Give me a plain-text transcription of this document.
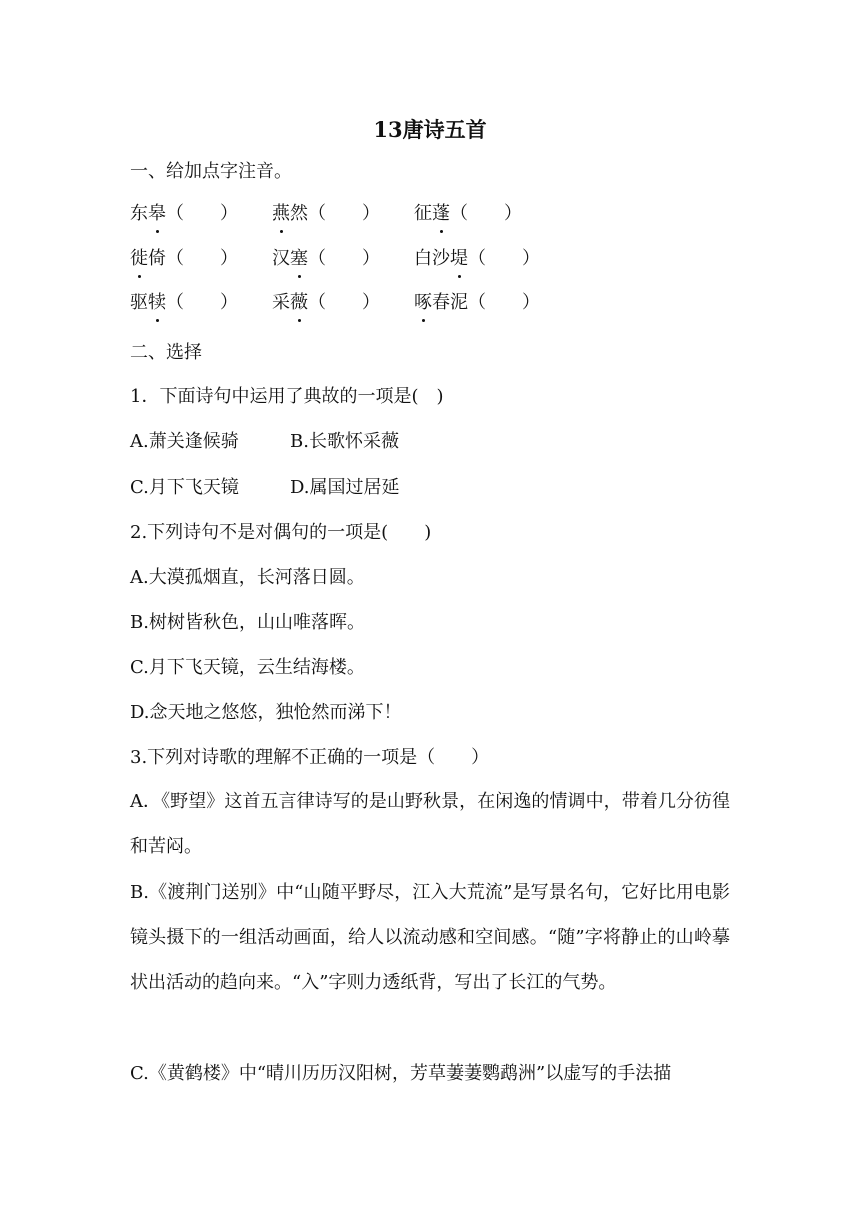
13唐诗五首
一、给加点字注音。
东皋（　　） 燕然（　　） 征蓬（　　）
徙倚（　　） 汉塞（　　） 白沙堤（　　）
驱犊（　　） 采薇（　　） 啄春泥（　　）
二、选择
1．下面诗句中运用了典故的一项是(　)
A.萧关逢候骑	B.长歌怀采薇
C.月下飞天镜	D.属国过居延
2.下列诗句不是对偶句的一项是(　　)
A.大漠孤烟直，长河落日圆。
B.树树皆秋色，山山唯落晖。
C.月下飞天镜，云生结海楼。
D.念天地之悠悠，独怆然而涕下！
3.下列对诗歌的理解不正确的一项是（　　）
A．《野望》这首五言律诗写的是山野秋景，在闲逸的情调中，带着几分彷徨和苦闷。
B.《渡荆门送别》中“山随平野尽，江入大荒流”是写景名句，它好比用电影镜头摄下的一组活动画面，给人以流动感和空间感。“随”字将静止的山岭摹状出活动的趋向来。“入”字则力透纸背，写出了长江的气势。
C.《黄鹤楼》中“晴川历历汉阳树，芳草萋萋鹦鹉洲”以虚写的手法描
